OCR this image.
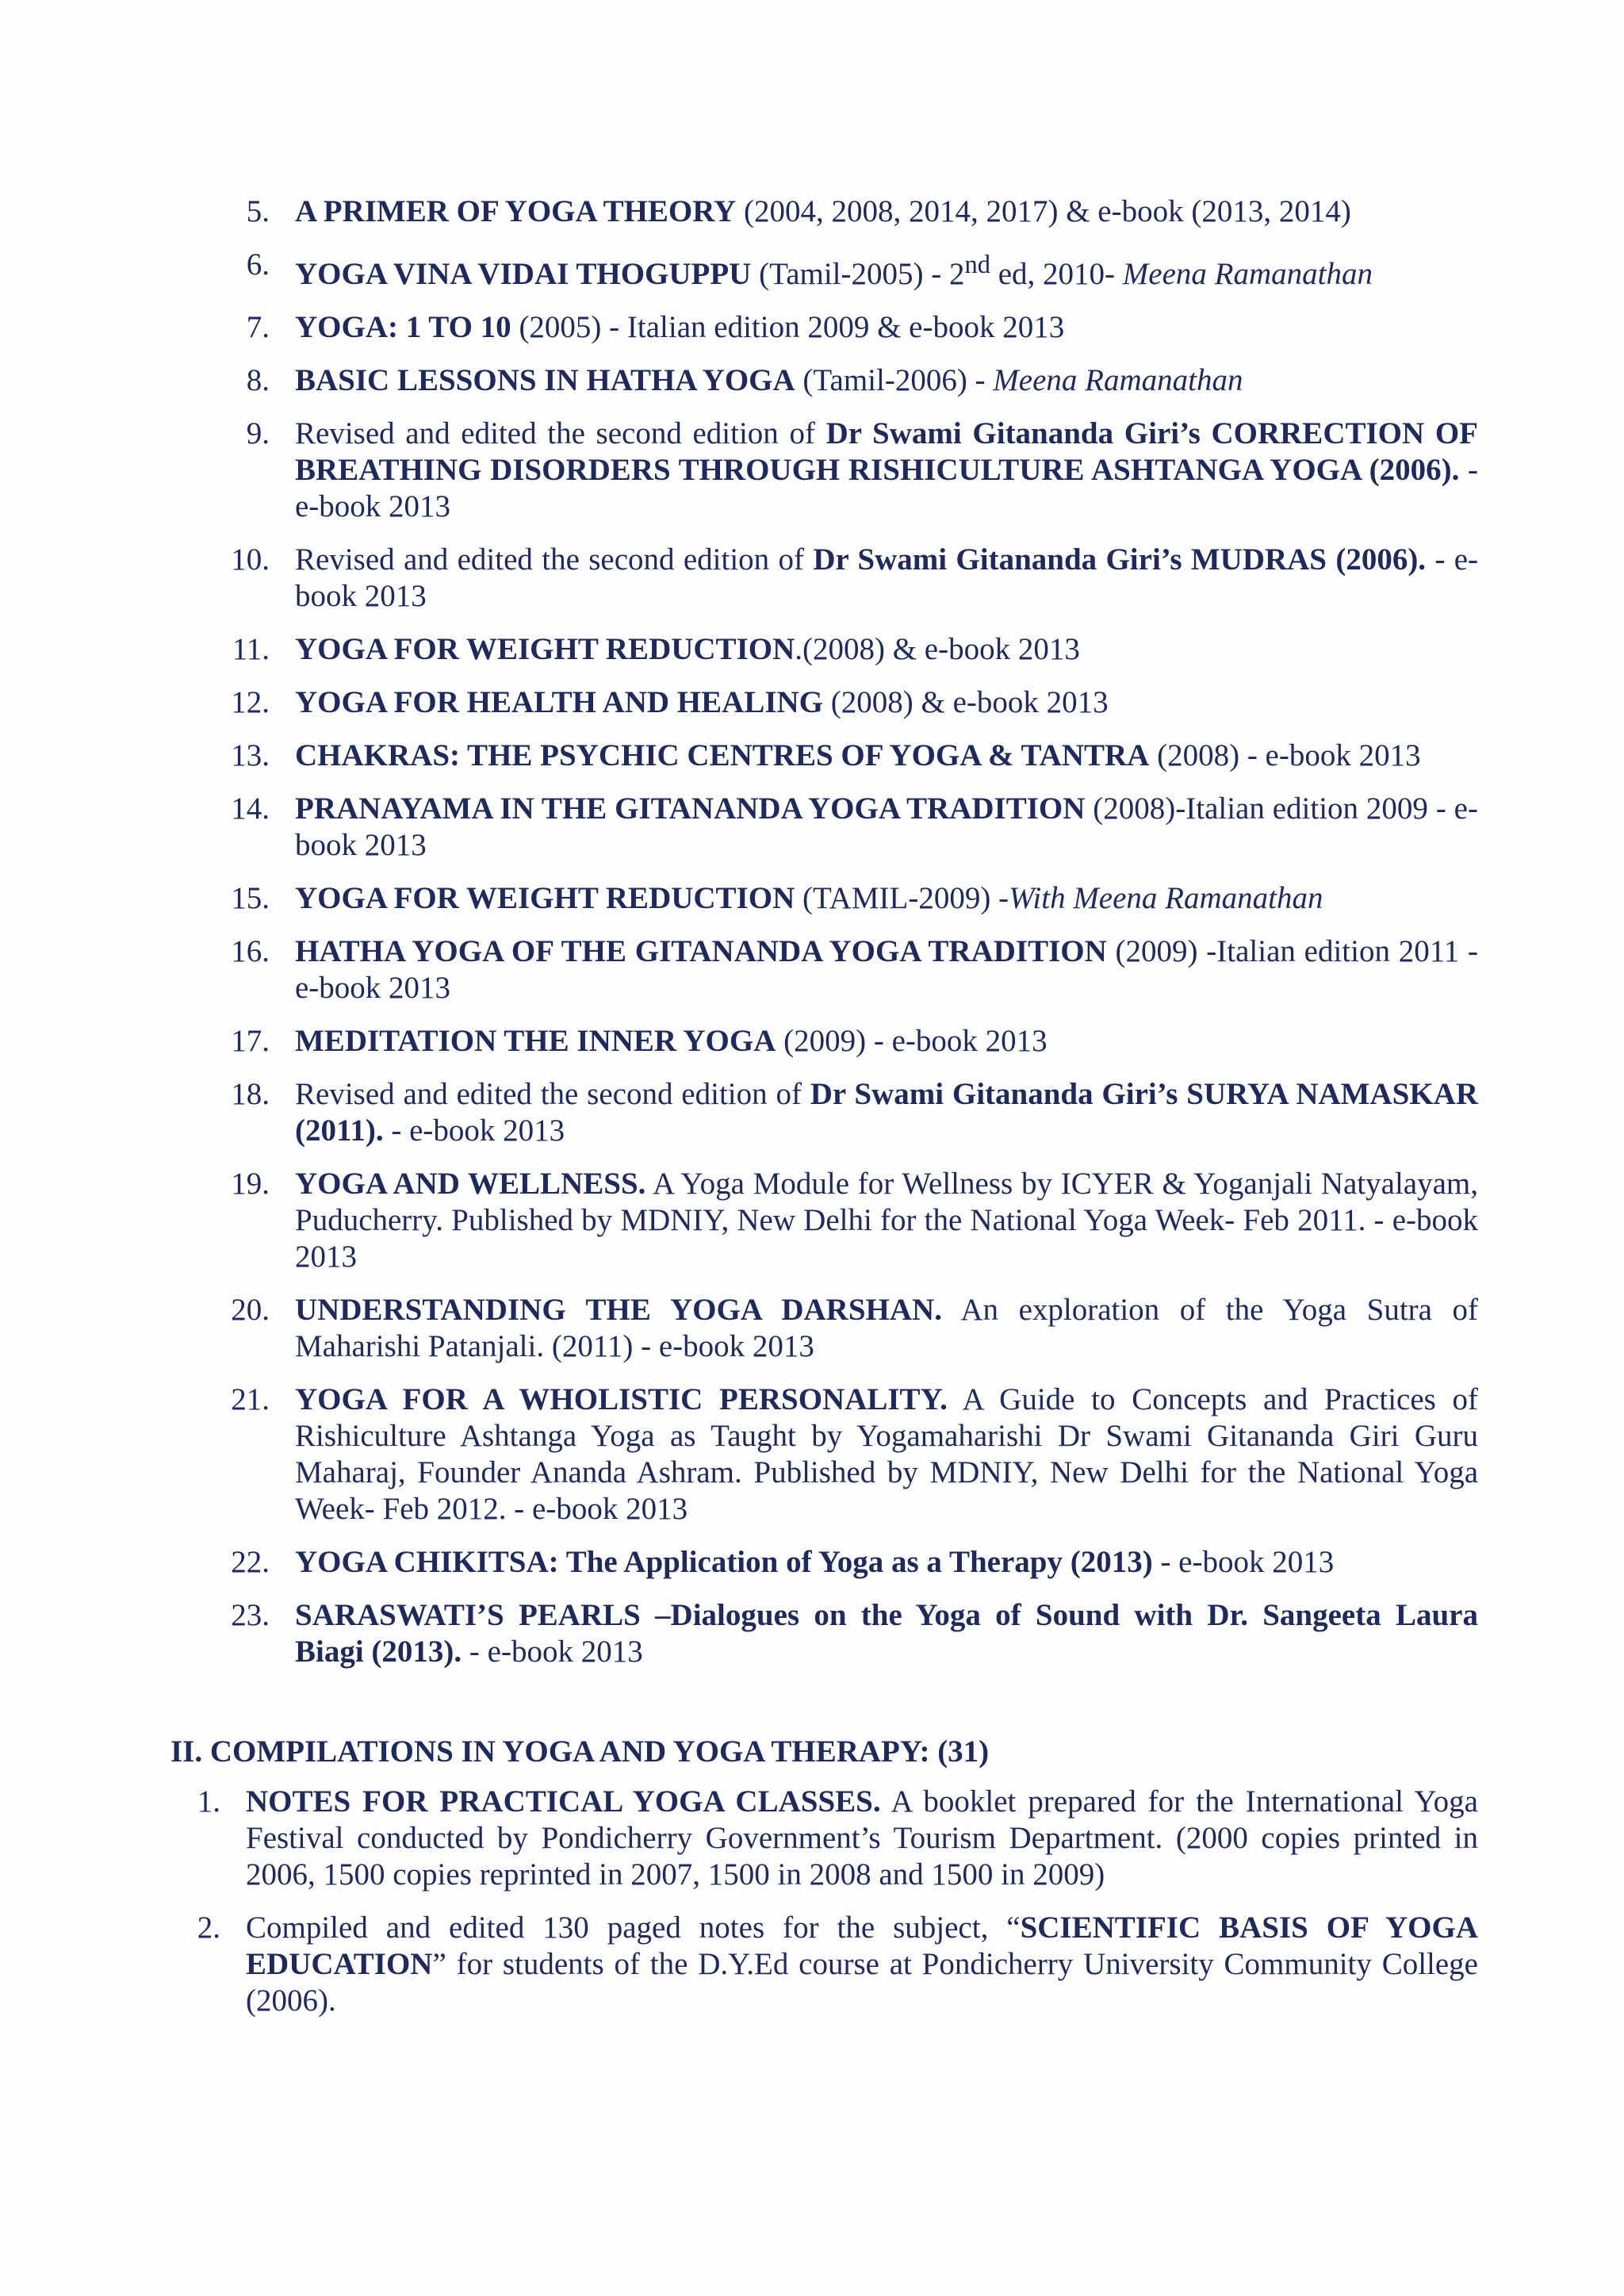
5. A PRIMER OF YOGA THEORY (2004, 2008, 2014, 2017) & e-book (2013, 2014)
6. YOGA VINA VIDAI THOGUPPU (Tamil-2005) - 2nd ed, 2010- Meena Ramanathan
7. YOGA: 1 TO 10 (2005) - Italian edition 2009 & e-book 2013
8. BASIC LESSONS IN HATHA YOGA (Tamil-2006) - Meena Ramanathan
9. Revised and edited the second edition of Dr Swami Gitananda Giri’s CORRECTION OF BREATHING DISORDERS THROUGH RISHICULTURE ASHTANGA YOGA (2006). - e-book 2013
10. Revised and edited the second edition of Dr Swami Gitananda Giri’s MUDRAS (2006). - e-book 2013
11. YOGA FOR WEIGHT REDUCTION.(2008) & e-book 2013
12. YOGA FOR HEALTH AND HEALING (2008) & e-book 2013
13. CHAKRAS: THE PSYCHIC CENTRES OF YOGA & TANTRA (2008) - e-book 2013
14. PRANAYAMA IN THE GITANANDA YOGA TRADITION (2008)-Italian edition 2009 - e-book 2013
15. YOGA FOR WEIGHT REDUCTION (TAMIL-2009) -With Meena Ramanathan
16. HATHA YOGA OF THE GITANANDA YOGA TRADITION (2009) -Italian edition 2011 - e-book 2013
17. MEDITATION THE INNER YOGA (2009) - e-book 2013
18. Revised and edited the second edition of Dr Swami Gitananda Giri’s SURYA NAMASKAR (2011). - e-book 2013
19. YOGA AND WELLNESS. A Yoga Module for Wellness by ICYER & Yoganjali Natyalayam, Puducherry. Published by MDNIY, New Delhi for the National Yoga Week- Feb 2011. - e-book 2013
20. UNDERSTANDING THE YOGA DARSHAN. An exploration of the Yoga Sutra of Maharishi Patanjali. (2011) - e-book 2013
21. YOGA FOR A WHOLISTIC PERSONALITY. A Guide to Concepts and Practices of Rishiculture Ashtanga Yoga as Taught by Yogamaharishi Dr Swami Gitananda Giri Guru Maharaj, Founder Ananda Ashram. Published by MDNIY, New Delhi for the National Yoga Week- Feb 2012. - e-book 2013
22. YOGA CHIKITSA: The Application of Yoga as a Therapy (2013) - e-book 2013
23. SARASWATI’S PEARLS –Dialogues on the Yoga of Sound with Dr. Sangeeta Laura Biagi (2013). - e-book 2013
II. COMPILATIONS IN YOGA AND YOGA THERAPY: (31)
1. NOTES FOR PRACTICAL YOGA CLASSES. A booklet prepared for the International Yoga Festival conducted by Pondicherry Government’s Tourism Department. (2000 copies printed in 2006, 1500 copies reprinted in 2007, 1500 in 2008 and 1500 in 2009)
2. Compiled and edited 130 paged notes for the subject, “SCIENTIFIC BASIS OF YOGA EDUCATION” for students of the D.Y.Ed course at Pondicherry University Community College (2006).
